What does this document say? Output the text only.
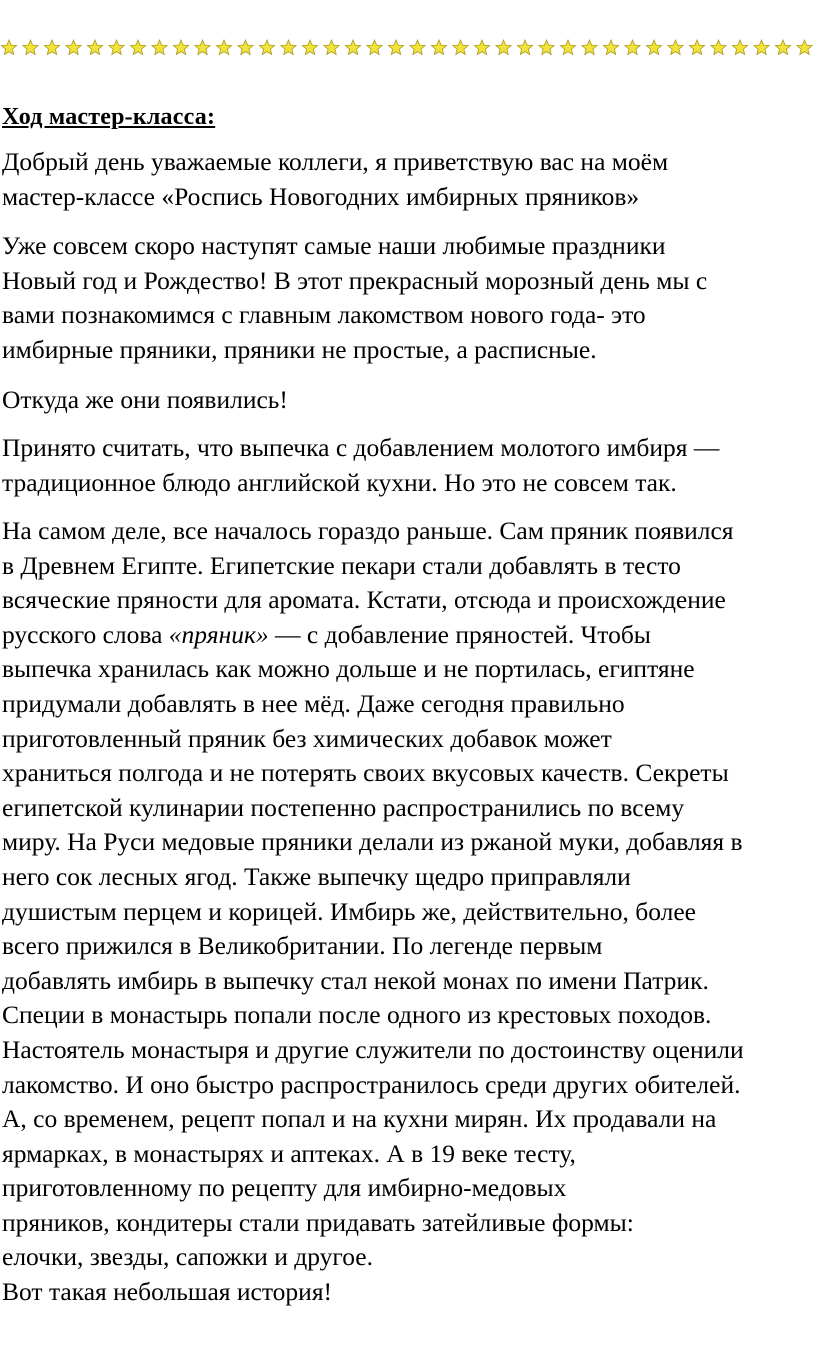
Ход мастер-класса:
Добрый день уважаемые коллеги, я приветствую вас на моём
мастер-классе «Роспись Новогодних имбирных пряников»
Уже совсем скоро наступят самые наши любимые праздники
Новый год и Рождество! В этот прекрасный морозный день мы с
вами познакомимся с главным лакомством нового года- это
имбирные пряники, пряники не простые, а расписные.
Откуда же они появились!
Принято считать, что выпечка с добавлением молотого имбиря —
традиционное блюдо английской кухни. Но это не совсем так.
На самом деле, все началось гораздо раньше. Сам пряник появился
в Древнем Египте. Египетские пекари стали добавлять в тесто
всяческие пряности для аромата. Кстати, отсюда и происхождение
русского слова «пряник» — с добавление пряностей. Чтобы
выпечка хранилась как можно дольше и не портилась, египтяне
придумали добавлять в нее мёд. Даже сегодня правильно
приготовленный пряник без химических добавок может
храниться полгода и не потерять своих вкусовых качеств. Секреты
египетской кулинарии постепенно распространились по всему
миру. На Руси медовые пряники делали из ржаной муки, добавляя в
него сок лесных ягод. Также выпечку щедро приправляли
душистым перцем и корицей. Имбирь же, действительно, более
всего прижился в Великобритании. По легенде первым
добавлять имбирь в выпечку стал некой монах по имени Патрик.
Специи в монастырь попали после одного из крестовых походов.
Настоятель монастыря и другие служители по достоинству оценили
лакомство. И оно быстро распространилось среди других обителей.
А, со временем, рецепт попал и на кухни мирян. Их продавали на
ярмарках, в монастырях и аптеках. А в 19 веке тесту,
приготовленному по рецепту для имбирно-медовых
пряников, кондитеры стали придавать затейливые формы:
елочки, звезды, сапожки и другое.
Вот такая небольшая история!
